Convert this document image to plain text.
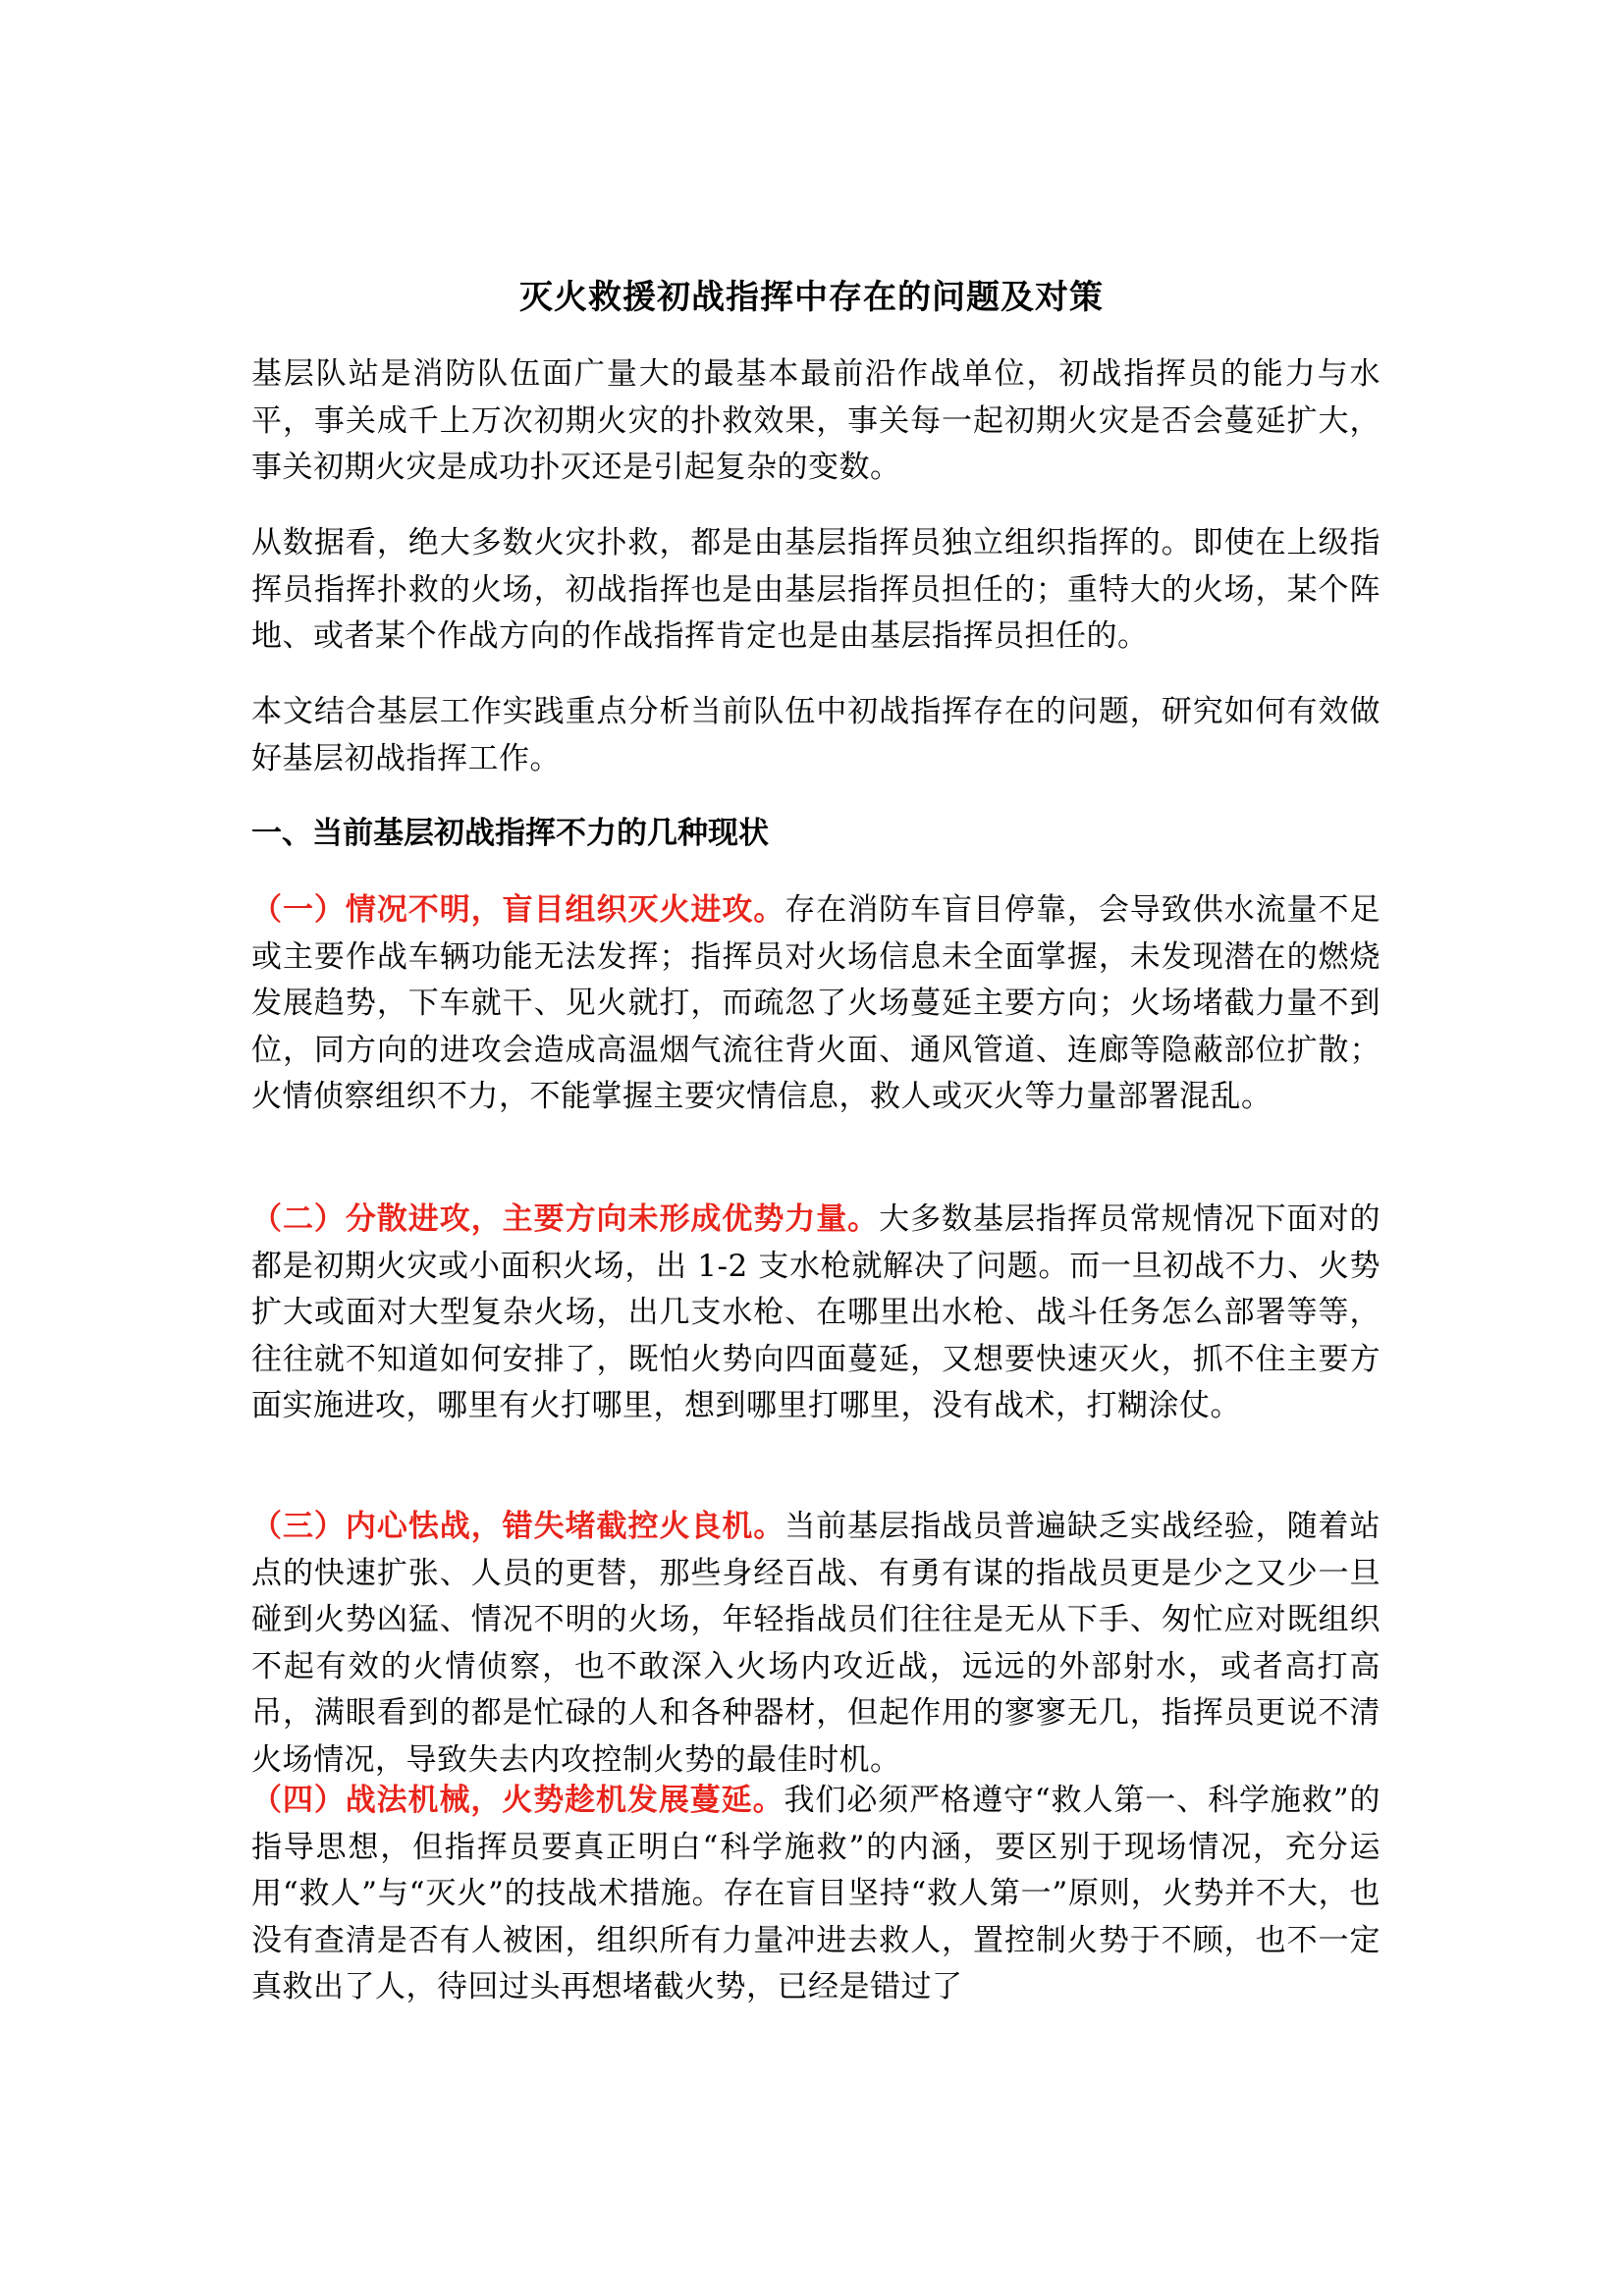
灭火救援初战指挥中存在的问题及对策

基层队站是消防队伍面广量大的最基本最前沿作战单位，初战指挥员的能力与水平，事关成千上万次初期火灾的扑救效果，事关每一起初期火灾是否会蔓延扩大，事关初期火灾是成功扑灭还是引起复杂的变数。

从数据看，绝大多数火灾扑救，都是由基层指挥员独立组织指挥的。即使在上级指挥员指挥扑救的火场，初战指挥也是由基层指挥员担任的；重特大的火场，某个阵地、或者某个作战方向的作战指挥肯定也是由基层指挥员担任的。

本文结合基层工作实践重点分析当前队伍中初战指挥存在的问题，研究如何有效做好基层初战指挥工作。

一、当前基层初战指挥不力的几种现状

（一）情况不明，盲目组织灭火进攻。存在消防车盲目停靠，会导致供水流量不足或主要作战车辆功能无法发挥；指挥员对火场信息未全面掌握，未发现潜在的燃烧发展趋势，下车就干、见火就打，而疏忽了火场蔓延主要方向；火场堵截力量不到位，同方向的进攻会造成高温烟气流往背火面、通风管道、连廊等隐蔽部位扩散；火情侦察组织不力，不能掌握主要灾情信息，救人或灭火等力量部署混乱。

（二）分散进攻，主要方向未形成优势力量。大多数基层指挥员常规情况下面对的都是初期火灾或小面积火场，出 1-2 支水枪就解决了问题。而一旦初战不力、火势扩大或面对大型复杂火场，出几支水枪、在哪里出水枪、战斗任务怎么部署等等，往往就不知道如何安排了，既怕火势向四面蔓延，又想要快速灭火，抓不住主要方面实施进攻，哪里有火打哪里，想到哪里打哪里，没有战术，打糊涂仗。

（三）内心怯战，错失堵截控火良机。当前基层指战员普遍缺乏实战经验，随着站点的快速扩张、人员的更替，那些身经百战、有勇有谋的指战员更是少之又少一旦碰到火势凶猛、情况不明的火场，年轻指战员们往往是无从下手、匆忙应对既组织不起有效的火情侦察，也不敢深入火场内攻近战，远远的外部射水，或者高打高吊，满眼看到的都是忙碌的人和各种器材，但起作用的寥寥无几，指挥员更说不清火场情况，导致失去内攻控制火势的最佳时机。

（四）战法机械，火势趁机发展蔓延。我们必须严格遵守“救人第一、科学施救”的指导思想，但指挥员要真正明白“科学施救”的内涵，要区别于现场情况，充分运用“救人”与“灭火”的技战术措施。存在盲目坚持“救人第一”原则，火势并不大，也没有查清是否有人被困，组织所有力量冲进去救人，置控制火势于不顾，也不一定真救出了人，待回过头再想堵截火势，已经是错过了
